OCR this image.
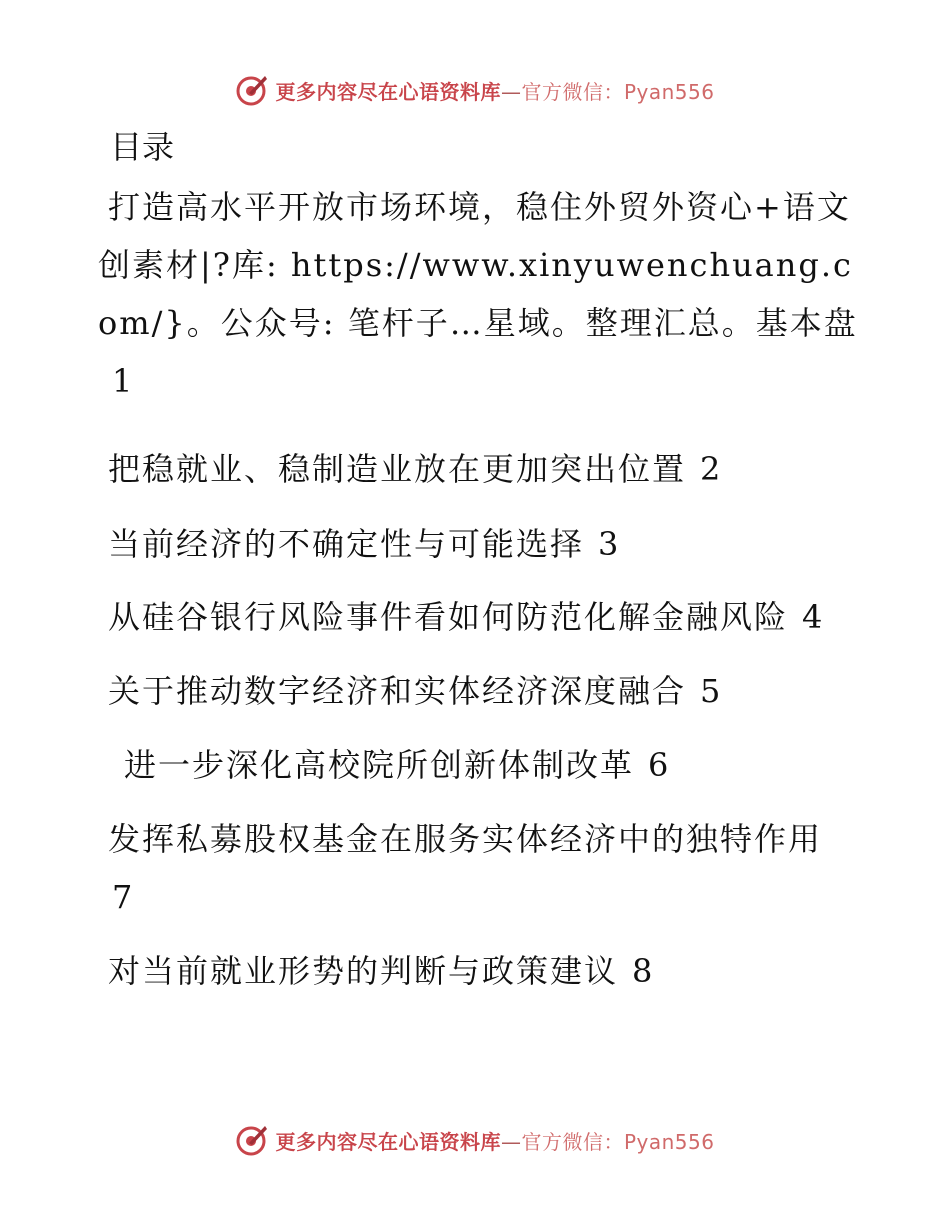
更多内容尽在心语资料库—官方微信：Pyan556
目录
打造高水平开放市场环境，稳住外贸外资心+语文创素材|?库: https://www.xinyuwenchuang.com/}。公众号: 笔杆子…星域。整理汇总。基本盘1
把稳就业、稳制造业放在更加突出位置 2
当前经济的不确定性与可能选择 3
从硅谷银行风险事件看如何防范化解金融风险 4
关于推动数字经济和实体经济深度融合 5
进一步深化高校院所创新体制改革 6
发挥私募股权基金在服务实体经济中的独特作用7
对当前就业形势的判断与政策建议 8
更多内容尽在心语资料库—官方微信：Pyan556
